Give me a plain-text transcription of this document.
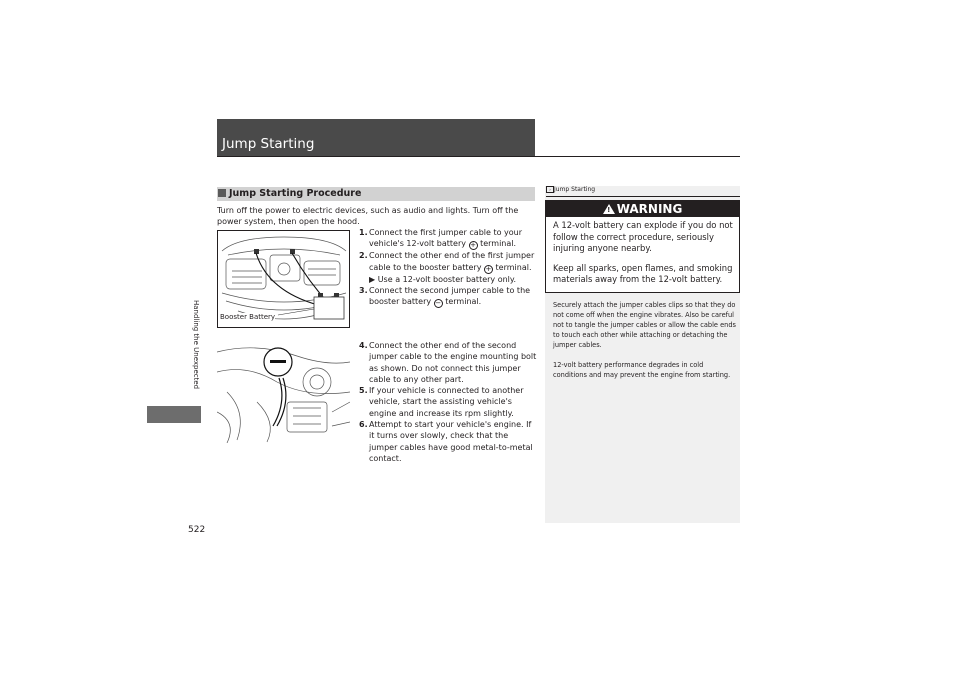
Jump Starting
Handling the Unexpected
522
Jump Starting Procedure
Turn off the power to electric devices, such as audio and lights. Turn off the power system, then open the hood.
Booster Battery
1. Connect the first jumper cable to your vehicle's 12-volt battery + terminal.
2. Connect the other end of the first jumper cable to the booster battery + terminal.
▶ Use a 12-volt booster battery only.
3. Connect the second jumper cable to the booster battery − terminal.
4. Connect the other end of the second jumper cable to the engine mounting bolt as shown. Do not connect this jumper cable to any other part.
5. If your vehicle is connected to another vehicle, start the assisting vehicle's engine and increase its rpm slightly.
6. Attempt to start your vehicle's engine. If it turns over slowly, check that the jumper cables have good metal-to-metal contact.
› Jump Starting
! WARNING

A 12-volt battery can explode if you do not follow the correct procedure, seriously injuring anyone nearby.

Keep all sparks, open flames, and smoking materials away from the 12-volt battery.

Securely attach the jumper cables clips so that they do not come off when the engine vibrates. Also be careful not to tangle the jumper cables or allow the cable ends to touch each other while attaching or detaching the jumper cables.
12-volt battery performance degrades in cold conditions and may prevent the engine from starting.
